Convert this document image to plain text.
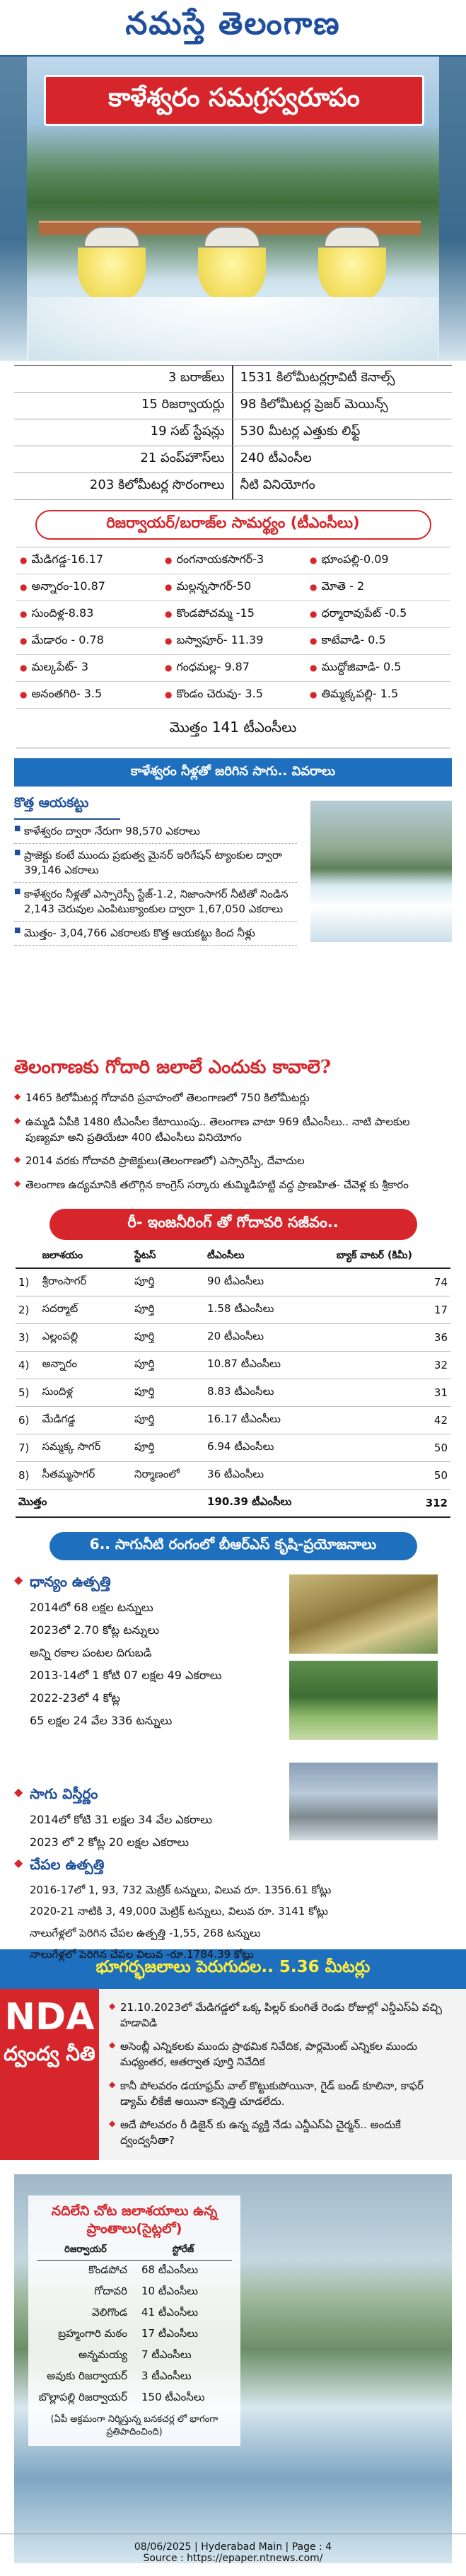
నమస్తే తెలంగాణ
కాళేశ్వరం సమగ్రస్వరూపం
3 బరాజ్‌లు	1531 కిలోమీటర్లగ్రావిటీ కెనాల్స్
15 రిజర్వాయర్లు	98 కిలోమీటర్ల ప్రెజర్ మెయిన్స్
19 సబ్ స్టేషన్లు	530 మీటర్ల ఎత్తుకు లిఫ్ట్
21 పంప్‌హౌస్‌లు	240 టీఎంసీల
203 కిలోమీటర్ల సొరంగాలు	నీటి వినియోగం
రిజర్వాయర్/బరాజ్‌ల సామర్థ్యం (టీఎంసీలు)
● మేడిగడ్డ-16.17	● రంగనాయకసాగర్-3	● భూంపల్లి-0.09
● అన్నారం-10.87	● మల్లన్నసాగర్-50	● మోతె - 2
● సుందిళ్ల-8.83	● కొండపోచమ్మ -15	● ధర్మారావుపేట్ -0.5
● మేడారం - 0.78	● బస్వాపూర్- 11.39	● కాటేవాడి- 0.5
● మల్కపేట్- 3	● గంధమల్ల- 9.87	● ముద్దోజివాడి- 0.5
● అనంతగిరి- 3.5	● కొండం చెరువు- 3.5	● తిమ్మక్కపల్లి- 1.5
మొత్తం 141 టీఎంసీలు
కాళేశ్వరం నీళ్లతో జరిగిన సాగు.. వివరాలు
కొత్త ఆయకట్టు
■ కాళేశ్వరం ద్వారా నేరుగా 98,570 ఎకరాలు
■ ప్రాజెక్టు కంటే ముందు ప్రభుత్వ మైనర్ ఇరిగేషన్ ట్యాంకుల ద్వారా 39,146 ఎకరాలు
■ కాళేశ్వరం నీళ్లతో ఎస్సారెస్పీ స్టేజ్-1.2, నిజాంసాగర్ నీటితో నిండిన 2,143 చెరువుల ఎంపిటుక్యాంకుల ద్వారా 1,67,050 ఎకరాలు
■ మొత్తం- 3,04,766 ఎకరాలకు కొత్త ఆయకట్టు కింద నీళ్లు
తెలంగాణకు గోదారి జలాలే ఎందుకు కావాలె?
◆ 1465 కిలోమీటర్ల గోదావరి ప్రవాహంలో తెలంగాణలో 750 కిలోమీటర్లు
◆ ఉమ్మడి ఏపీకి 1480 టీఎంసీల కేటాయింపు.. తెలంగాణ వాటా 969 టీఎంసీలు.. నాటి పాలకుల పుణ్యమా అని ప్రతియేటా 400 టీఎంసీలు వినియోగం
◆ 2014 వరకు గోదావరి ప్రాజెక్టులు(తెలంగాణలో) ఎస్సారెస్పీ, దేవాదుల
◆ తెలంగాణ ఉద్యమానికి తలొగ్గిన కాంగ్రెస్ సర్కారు తుమ్మిడిహట్టి వద్ద ప్రాణహిత- చేవెళ్ల కు శ్రీకారం
రీ- ఇంజనీరింగ్ తో గోదావరి సజీవం..
	జలాశయం	స్టేటస్	టీఎంసీలు	బ్యాక్ వాటర్ (కిమీ)
1)	శ్రీరాంసాగర్	పూర్తి	90 టీఎంసీలు	74
2)	సదర్మాట్	పూర్తి	1.58 టీఎంసీలు	17
3)	ఎల్లంపల్లి	పూర్తి	20 టీఎంసీలు	36
4)	అన్నారం	పూర్తి	10.87 టీఎంసీలు	32
5)	సుందిళ్ల	పూర్తి	8.83 టీఎంసీలు	31
6)	మేడిగడ్డ	పూర్తి	16.17 టీఎంసీలు	42
7)	సమ్మక్క సాగర్	పూర్తి	6.94 టీఎంసీలు	50
8)	సీతమ్మసాగర్	నిర్మాణంలో	36 టీఎంసీలు	50
మొత్తం			190.39 టీఎంసీలు	312
6.. సాగునీటి రంగంలో బీఆర్ఎస్ కృషి-ప్రయోజనాలు
◆ ధాన్యం ఉత్పత్తి
2014లో 68 లక్షల టన్నులు
2023లో 2.70 కోట్ల టన్నులు
అన్ని రకాల పంటల దిగుబడి
2013-14లో 1 కోటి 07 లక్షల 49 ఎకరాలు
2022-23లో 4 కోట్ల
65 లక్షల 24 వేల 336 టన్నులు
◆ సాగు విస్తీర్ణం
2014లో కోటి 31 లక్షల 34 వేల ఎకరాలు
2023 లో 2 కోట్ల 20 లక్షల ఎకరాలు
◆ చేపల ఉత్పత్తి
2016-17లో 1, 93, 732 మెట్రిక్ టన్నులు, విలువ రూ. 1356.61 కోట్లు
2020-21 నాటికి 3, 49,000 మెట్రిక్ టన్నులు, విలువ రూ. 3141 కోట్లు
నాలుగేళ్లలో పెరిగిన చేపల ఉత్పత్తి -1,55, 268 టన్నులు
నాలుగేళ్లలో పెరిగిన చేపల విలువ -రూ.1784.39 కోట్లు
భూగర్భజలాలు పెరుగుదల.. 5.36 మీటర్లు
NDA
ద్వంద్వ నీతి
◆ 21.10.2023లో మేడిగడ్డలో ఒక్క పిల్లర్ కుంగితే రెండు రోజుల్లో ఎన్డీఎస్ఏ వచ్చి హడావిడి
◆ అసెంబ్లీ ఎన్నికలకు ముందు ప్రాథమిక నివేదిక, పార్లమెంట్ ఎన్నికల ముందు మధ్యంతర, ఆతర్వాత పూర్తి నివేదిక
◆ కానీ పోలవరం డయాఫ్రమ్ వాల్ కొట్టుకుపోయినా, గైడ్ బండ్ కూలినా, కాఫర్ డ్యామ్ లీకేజీ అయినా కన్నెత్తి చూడలేదు.
◆ అదే పోలవరం రీ డిజైన్ కు ఉన్న వ్యక్తి నేడు ఎన్డీఎస్ఏ చైర్మన్.. అందుకే ద్వంద్వనీతా?
నదిలేని చోట జలాశయాలు ఉన్న ప్రాంతాలు(సైట్లలో)
రిజర్వాయర్	స్టోరేజ్
కొండపోచ	68 టీఎంసీలు
గోదావరి	10 టీఎంసీలు
వెలిగొండ	41 టీఎంసీలు
బ్రహ్మంగారి మఠం	17 టీఎంసీలు
అన్నమయ్య	7 టీఎంసీలు
అవుకు రిజర్వాయర్	3 టీఎంసీలు
బొల్లాపల్లి రిజర్వాయర్	150 టీఎంసీలు
(ఏపీ అక్రమంగా నిర్మిస్తున్న బనకచర్ల లో భాగంగా ప్రతిపాదించింది)
08/06/2025 | Hyderabad Main | Page : 4
Source : https://epaper.ntnews.com/
